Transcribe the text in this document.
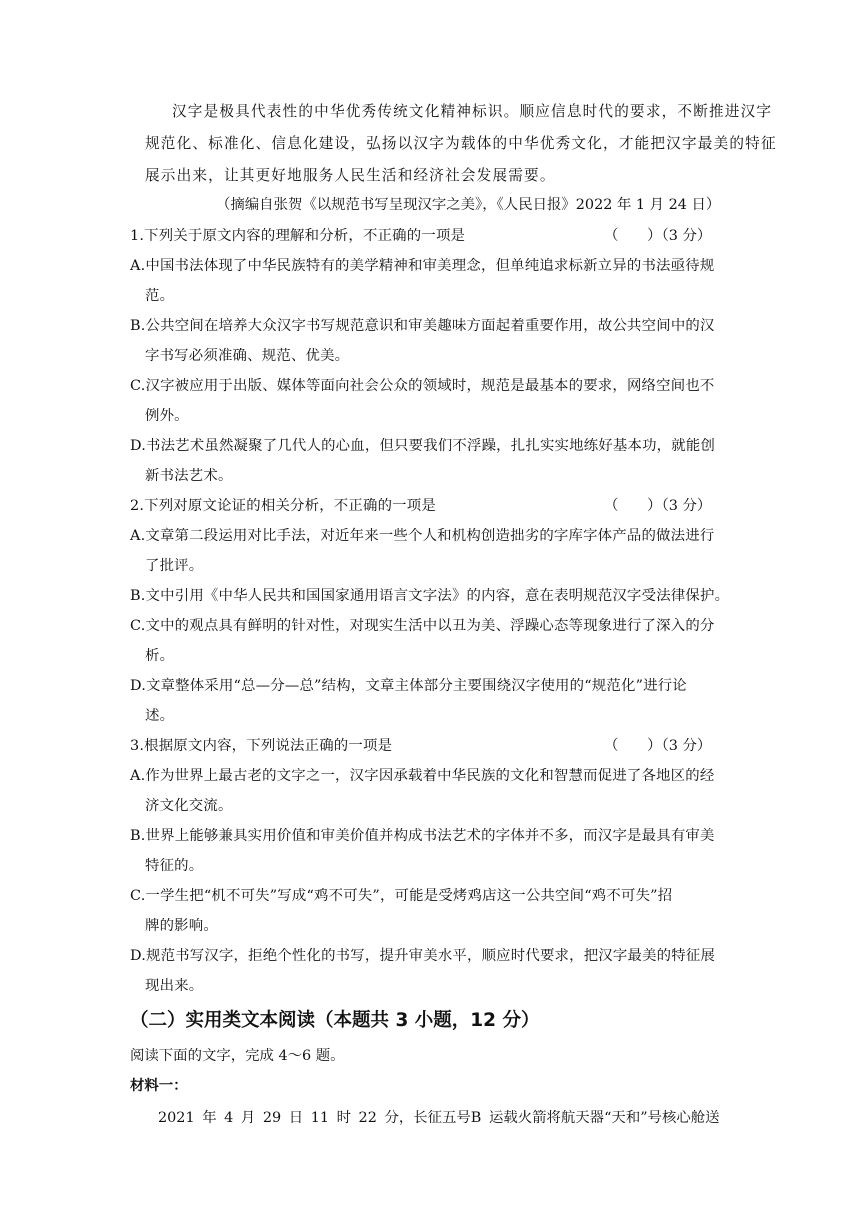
汉字是极具代表性的中华优秀传统文化精神标识。顺应信息时代的要求，不断推进汉字
规范化、标准化、信息化建设，弘扬以汉字为载体的中华优秀文化，才能把汉字最美的特征
展示出来，让其更好地服务人民生活和经济社会发展需要。
（摘编自张贺《以规范书写呈现汉字之美》，《人民日报》2022 年 1 月 24 日）
1.下列关于原文内容的理解和分析，不正确的一项是	（　　）（3 分）
A.中国书法体现了中华民族特有的美学精神和审美理念，但单纯追求标新立异的书法亟待规
范。
B.公共空间在培养大众汉字书写规范意识和审美趣味方面起着重要作用，故公共空间中的汉
字书写必须准确、规范、优美。
C.汉字被应用于出版、媒体等面向社会公众的领域时，规范是最基本的要求，网络空间也不
例外。
D.书法艺术虽然凝聚了几代人的心血，但只要我们不浮躁，扎扎实实地练好基本功，就能创
新书法艺术。
2.下列对原文论证的相关分析，不正确的一项是	（　　）（3 分）
A.文章第二段运用对比手法，对近年来一些个人和机构创造拙劣的字库字体产品的做法进行
了批评。
B.文中引用《中华人民共和国国家通用语言文字法》的内容，意在表明规范汉字受法律保护。
C.文中的观点具有鲜明的针对性，对现实生活中以丑为美、浮躁心态等现象进行了深入的分
析。
D.文章整体采用“总—分—总”结构，文章主体部分主要围绕汉字使用的“规范化”进行论
述。
3.根据原文内容，下列说法正确的一项是	（　　）（3 分）
A.作为世界上最古老的文字之一，汉字因承载着中华民族的文化和智慧而促进了各地区的经
济文化交流。
B.世界上能够兼具实用价值和审美价值并构成书法艺术的字体并不多，而汉字是最具有审美
特征的。
C.一学生把“机不可失”写成“鸡不可失”，可能是受烤鸡店这一公共空间“鸡不可失”招
牌的影响。
D.规范书写汉字，拒绝个性化的书写，提升审美水平，顺应时代要求，把汉字最美的特征展
现出来。
（二）实用类文本阅读（本题共 3 小题，12 分）
阅读下面的文字，完成 4～6 题。
材料一：
2021 年 4 月 29 日 11 时 22 分，长征五号B 运载火箭将航天器“天和”号核心舱送
